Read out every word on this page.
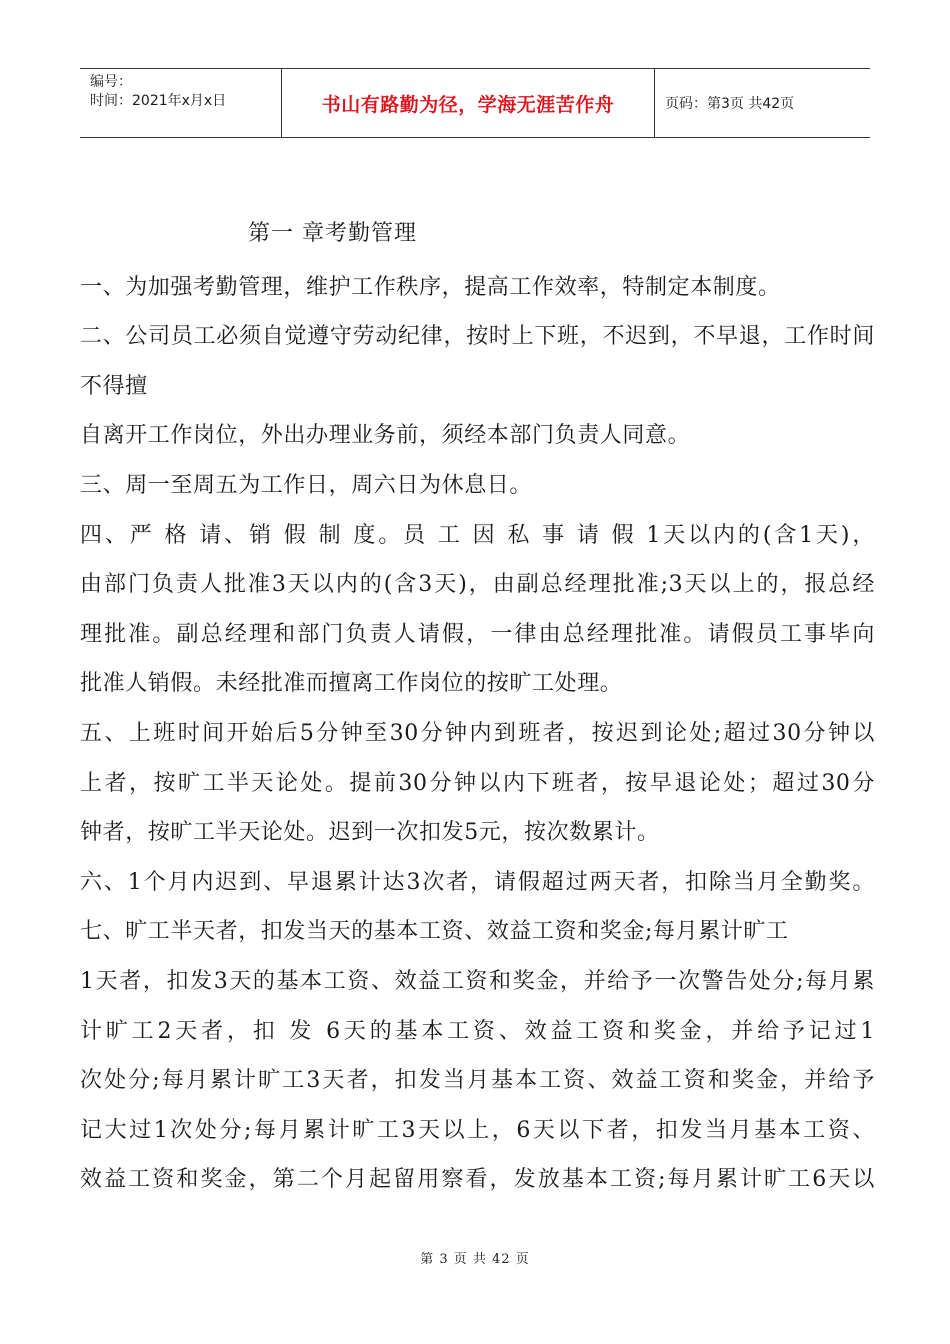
编号：
时间：2021年x月x日	书山有路勤为径，学海无涯苦作舟	页码：第3页 共42页
第一 章考勤管理
一、为加强考勤管理，维护工作秩序，提高工作效率，特制定本制度。
二、公司员工必须自觉遵守劳动纪律，按时上下班，不迟到，不早退，工作时间
不得擅
自离开工作岗位，外出办理业务前，须经本部门负责人同意。
三、周一至周五为工作日，周六日为休息日。
四、严 格 请、销 假 制 度。员 工 因 私 事 请 假 1天以内的(含1天)，
由部门负责人批准3天以内的(含3天)，由副总经理批准;3天以上的，报总经
理批准。副总经理和部门负责人请假，一律由总经理批准。请假员工事毕向
批准人销假。未经批准而擅离工作岗位的按旷工处理。
五、上班时间开始后5分钟至30分钟内到班者，按迟到论处;超过30分钟以
上者，按旷工半天论处。提前30分钟以内下班者，按早退论处；超过30分
钟者，按旷工半天论处。迟到一次扣发5元，按次数累计。
六、1个月内迟到、早退累计达3次者，请假超过两天者，扣除当月全勤奖。
七、旷工半天者，扣发当天的基本工资、效益工资和奖金;每月累计旷工
1天者，扣发3天的基本工资、效益工资和奖金，并给予一次警告处分;每月累
计旷工2天者，扣 发 6天的基本工资、效益工资和奖金，并给予记过1
次处分;每月累计旷工3天者，扣发当月基本工资、效益工资和奖金，并给予
记大过1次处分;每月累计旷工3天以上，6天以下者，扣发当月基本工资、
效益工资和奖金，第二个月起留用察看，发放基本工资;每月累计旷工6天以
第 3 页 共 42 页
